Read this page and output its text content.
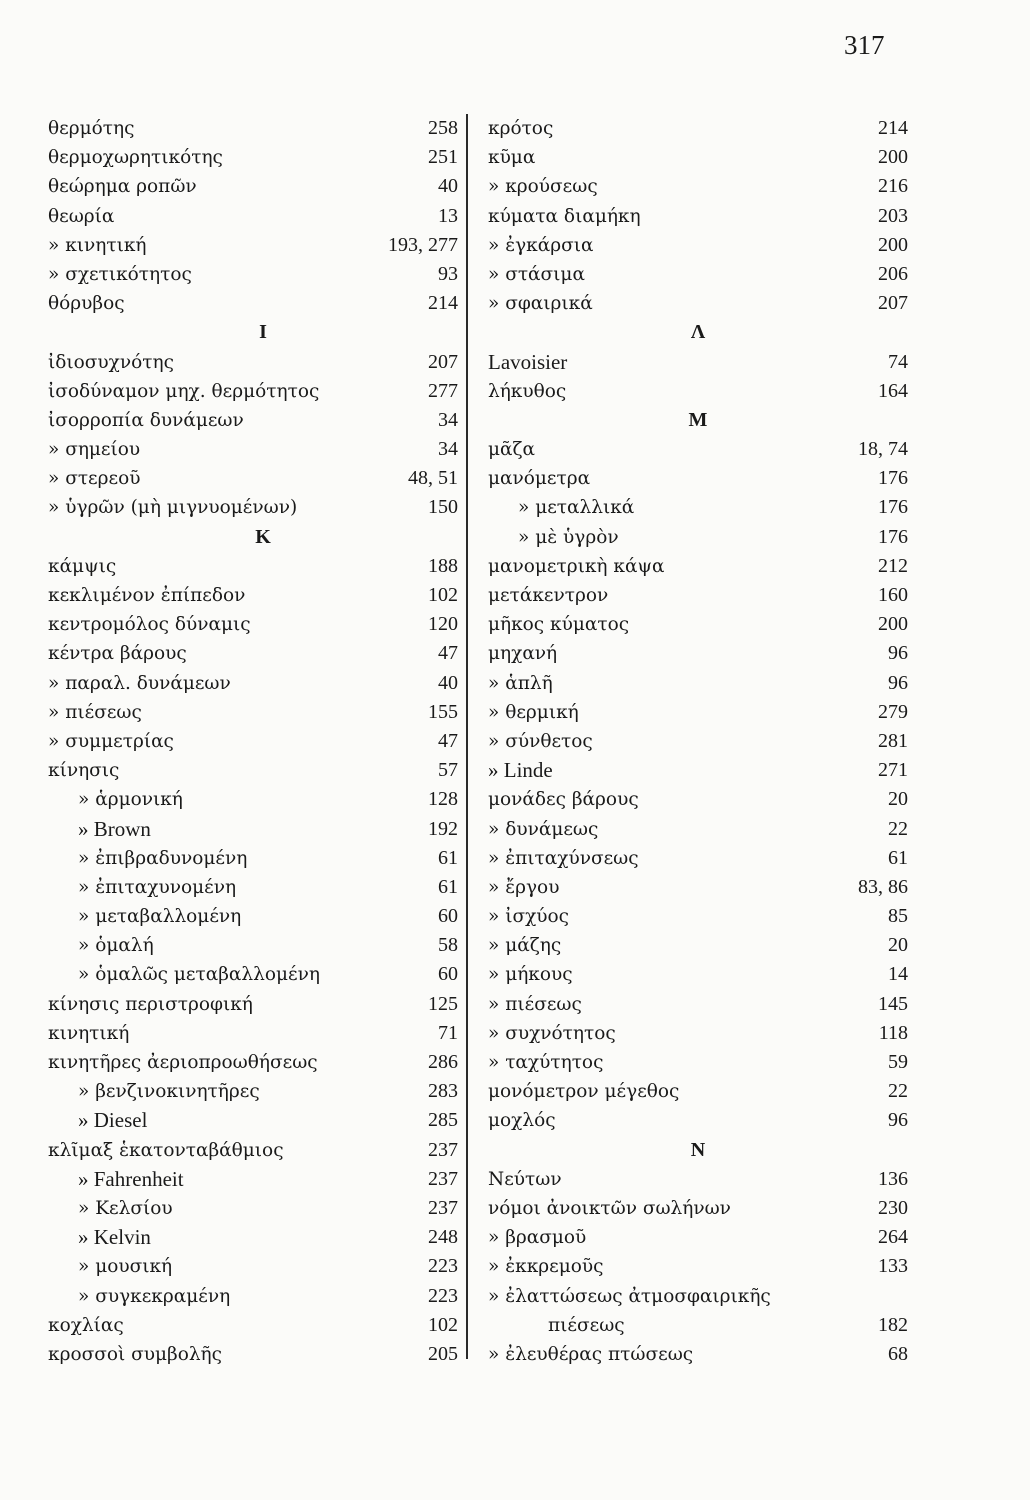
317
θερμότης	258
θερμοχωρητικότης	251
θεώρημα ροπῶν	40
θεωρία	13
» κινητική	193, 277
» σχετικότητος	93
θόρυβος	214
Ι
ἰδιοσυχνότης	207
ἰσοδύναμον μηχ. θερμότητος	277
ἰσορροπία δυνάμεων	34
» σημείου	34
» στερεοῦ	48, 51
» ὑγρῶν (μὴ μιγνυομένων)	150
Κ
κάμψις	188
κεκλιμένον ἐπίπεδον	102
κεντρομόλος δύναμις	120
κέντρα βάρους	47
» παραλ. δυνάμεων	40
» πιέσεως	155
» συμμετρίας	47
κίνησις	57
» ἁρμονική	128
» Brown	192
» ἐπιβραδυνομένη	61
» ἐπιταχυνομένη	61
» μεταβαλλομένη	60
» ὁμαλή	58
» ὁμαλῶς μεταβαλλομένη	60
κίνησις περιστροφική	125
κινητική	71
κινητῆρες ἀεριοπροωθήσεως	286
» βενζινοκινητῆρες	283
» Diesel	285
κλῖμαξ ἑκατονταβάθμιος	237
» Fahrenheit	237
» Κελσίου	237
» Kelvin	248
» μουσική	223
» συγκεκραμένη	223
κοχλίας	102
κροσσοὶ συμβολῆς	205
κρότος	214
κῦμα	200
» κρούσεως	216
κύματα διαμήκη	203
» ἐγκάρσια	200
» στάσιμα	206
» σφαιρικά	207
Λ
Lavoisier	74
λήκυθος	164
Μ
μᾶζα	18, 74
μανόμετρα	176
» μεταλλικά	176
» μὲ ὑγρὸν	176
μανομετρικὴ κάψα	212
μετάκεντρον	160
μῆκος κύματος	200
μηχανή	96
» ἁπλῆ	96
» θερμική	279
» σύνθετος	281
» Linde	271
μονάδες βάρους	20
» δυνάμεως	22
» ἐπιταχύνσεως	61
» ἔργου	83, 86
» ἰσχύος	85
» μάζης	20
» μήκους	14
» πιέσεως	145
» συχνότητος	118
» ταχύτητος	59
μονόμετρον μέγεθος	22
μοχλός	96
Ν
Νεύτων	136
νόμοι ἀνοικτῶν σωλήνων	230
» βρασμοῦ	264
» ἐκκρεμοῦς	133
» ἐλαττώσεως ἀτμοσφαιρικῆς
πιέσεως	182
» ἐλευθέρας πτώσεως	68
